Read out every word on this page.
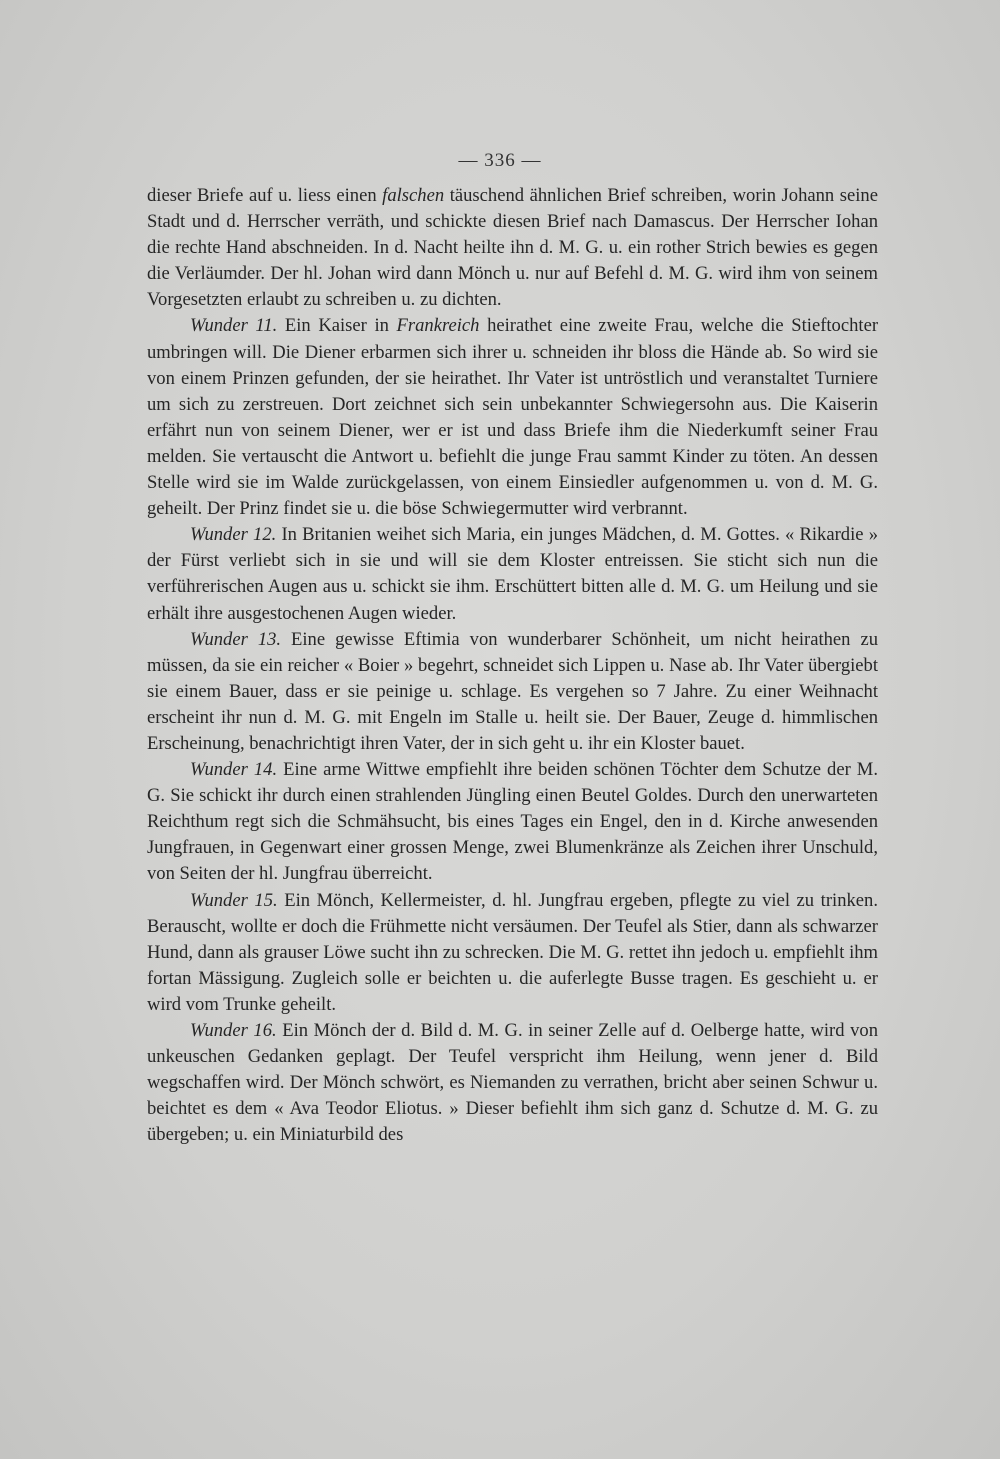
— 336 —

dieser Briefe auf u. liess einen falschen täuschend ähnlichen Brief schreiben, worin Johann seine Stadt und d. Herrscher verräth, und schickte diesen Brief nach Damascus. Der Herrscher Iohan die rechte Hand abschneiden. In d. Nacht heilte ihn d. M. G. u. ein rother Strich bewies es gegen die Verläumder. Der hl. Johan wird dann Mönch u. nur auf Befehl d. M. G. wird ihm von seinem Vorgesetzten erlaubt zu schreiben u. zu dichten.

Wunder 11. Ein Kaiser in Frankreich heirathet eine zweite Frau, welche die Stieftochter umbringen will. Die Diener erbarmen sich ihrer u. schneiden ihr bloss die Hände ab. So wird sie von einem Prinzen gefunden, der sie heirathet. Ihr Vater ist untröstlich und veranstaltet Turniere um sich zu zerstreuen. Dort zeichnet sich sein unbekannter Schwiegersohn aus. Die Kaiserin erfährt nun von seinem Diener, wer er ist und dass Briefe ihm die Niederkumft seiner Frau melden. Sie vertauscht die Antwort u. befiehlt die junge Frau sammt Kinder zu töten. An dessen Stelle wird sie im Walde zurückgelassen, von einem Einsiedler aufgenommen u. von d. M. G. geheilt. Der Prinz findet sie u. die böse Schwiegermutter wird verbrannt.

Wunder 12. In Britanien weihet sich Maria, ein junges Mädchen, d. M. Gottes. « Rikardie » der Fürst verliebt sich in sie und will sie dem Kloster entreissen. Sie sticht sich nun die verführerischen Augen aus u. schickt sie ihm. Erschüttert bitten alle d. M. G. um Heilung und sie erhält ihre ausgestochenen Augen wieder.

Wunder 13. Eine gewisse Eftimia von wunderbarer Schönheit, um nicht heirathen zu müssen, da sie ein reicher « Boier » begehrt, schneidet sich Lippen u. Nase ab. Ihr Vater übergiebt sie einem Bauer, dass er sie peinige u. schlage. Es vergehen so 7 Jahre. Zu einer Weihnacht erscheint ihr nun d. M. G. mit Engeln im Stalle u. heilt sie. Der Bauer, Zeuge d. himmlischen Erscheinung, benachrichtigt ihren Vater, der in sich geht u. ihr ein Kloster bauet.

Wunder 14. Eine arme Wittwe empfiehlt ihre beiden schönen Töchter dem Schutze der M. G. Sie schickt ihr durch einen strahlenden Jüngling einen Beutel Goldes. Durch den unerwarteten Reichthum regt sich die Schmähsucht, bis eines Tages ein Engel, den in d. Kirche anwesenden Jungfrauen, in Gegenwart einer grossen Menge, zwei Blumenkränze als Zeichen ihrer Unschuld, von Seiten der hl. Jungfrau überreicht.

Wunder 15. Ein Mönch, Kellermeister, d. hl. Jungfrau ergeben, pflegte zu viel zu trinken. Berauscht, wollte er doch die Frühmette nicht versäumen. Der Teufel als Stier, dann als schwarzer Hund, dann als grauser Löwe sucht ihn zu schrecken. Die M. G. rettet ihn jedoch u. empfiehlt ihm fortan Mässigung. Zugleich solle er beichten u. die auferlegte Busse tragen. Es geschieht u. er wird vom Trunke geheilt.

Wunder 16. Ein Mönch der d. Bild d. M. G. in seiner Zelle auf d. Oelberge hatte, wird von unkeuschen Gedanken geplagt. Der Teufel verspricht ihm Heilung, wenn jener d. Bild wegschaffen wird. Der Mönch schwört, es Niemanden zu verrathen, bricht aber seinen Schwur u. beichtet es dem « Ava Teodor Eliotus. » Dieser befiehlt ihm sich ganz d. Schutze d. M. G. zu übergeben; u. ein Miniaturbild des
